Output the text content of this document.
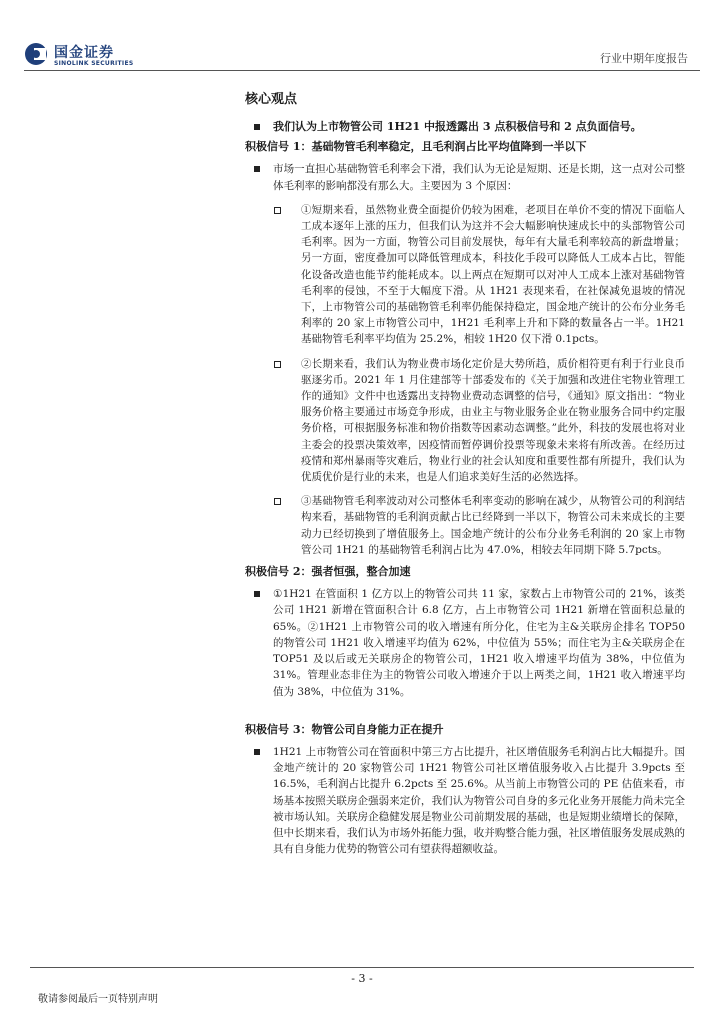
国金证券
SINOLINK SECURITIES	行业中期年度报告
核心观点
我们认为上市物管公司 1H21 中报透露出 3 点积极信号和 2 点负面信号。
积极信号 1：基础物管毛利率稳定，且毛利润占比平均值降到一半以下
市场一直担心基础物管毛利率会下滑，我们认为无论是短期、还是长期，这一点对公司整体毛利率的影响都没有那么大。主要因为 3 个原因：
①短期来看，虽然物业费全面提价仍较为困难，老项目在单价不变的情况下面临人工成本逐年上涨的压力，但我们认为这并不会大幅影响快速成长中的头部物管公司毛利率。因为一方面，物管公司目前发展快，每年有大量毛利率较高的新盘增量；另一方面，密度叠加可以降低管理成本，科技化手段可以降低人工成本占比，智能化设备改造也能节约能耗成本。以上两点在短期可以对冲人工成本上涨对基础物管毛利率的侵蚀，不至于大幅度下滑。从 1H21 表现来看，在社保减免退坡的情况下，上市物管公司的基础物管毛利率仍能保持稳定，国金地产统计的公布分业务毛利率的 20 家上市物管公司中，1H21 毛利率上升和下降的数量各占一半。1H21 基础物管毛利率平均值为 25.2%，相较 1H20 仅下滑 0.1pcts。
②长期来看，我们认为物业费市场化定价是大势所趋，质价相符更有利于行业良币驱逐劣币。2021 年 1 月住建部等十部委发布的《关于加强和改进住宅物业管理工作的通知》文件中也透露出支持物业费动态调整的信号，《通知》原文指出：“物业服务价格主要通过市场竞争形成，由业主与物业服务企业在物业服务合同中约定服务价格，可根据服务标准和物价指数等因素动态调整。”此外，科技的发展也将对业主委会的投票决策效率，因疫情而暂停调价投票等现象未来将有所改善。在经历过疫情和郑州暴雨等灾难后，物业行业的社会认知度和重要性都有所提升，我们认为优质优价是行业的未来，也是人们追求美好生活的必然选择。
③基础物管毛利率波动对公司整体毛利率变动的影响在减少，从物管公司的利润结构来看，基础物管的毛利润贡献占比已经降到一半以下，物管公司未来成长的主要动力已经切换到了增值服务上。国金地产统计的公布分业务毛利润的 20 家上市物管公司 1H21 的基础物管毛利润占比为 47.0%，相较去年同期下降 5.7pcts。
积极信号 2：强者恒强，整合加速
①1H21 在管面积 1 亿方以上的物管公司共 11 家，家数占上市物管公司的 21%，该类公司 1H21 新增在管面积合计 6.8 亿方，占上市物管公司 1H21 新增在管面积总量的 65%。②1H21 上市物管公司的收入增速有所分化，住宅为主&关联房企排名 TOP50 的物管公司 1H21 收入增速平均值为 62%，中位值为 55%；而住宅为主&关联房企在 TOP51 及以后或无关联房企的物管公司，1H21 收入增速平均值为 38%，中位值为 31%。管理业态非住为主的物管公司收入增速介于以上两类之间，1H21 收入增速平均值为 38%，中位值为 31%。
积极信号 3：物管公司自身能力正在提升
1H21 上市物管公司在管面积中第三方占比提升，社区增值服务毛利润占比大幅提升。国金地产统计的 20 家物管公司 1H21 物管公司社区增值服务收入占比提升 3.9pcts 至 16.5%，毛利润占比提升 6.2pcts 至 25.6%。从当前上市物管公司的 PE 估值来看，市场基本按照关联房企强弱来定价，我们认为物管公司自身的多元化业务开展能力尚未完全被市场认知。关联房企稳健发展是物业公司前期发展的基础，也是短期业绩增长的保障，但中长期来看，我们认为市场外拓能力强，收并购整合能力强，社区增值服务发展成熟的具有自身能力优势的物管公司有望获得超额收益。
- 3 -
敬请参阅最后一页特别声明
